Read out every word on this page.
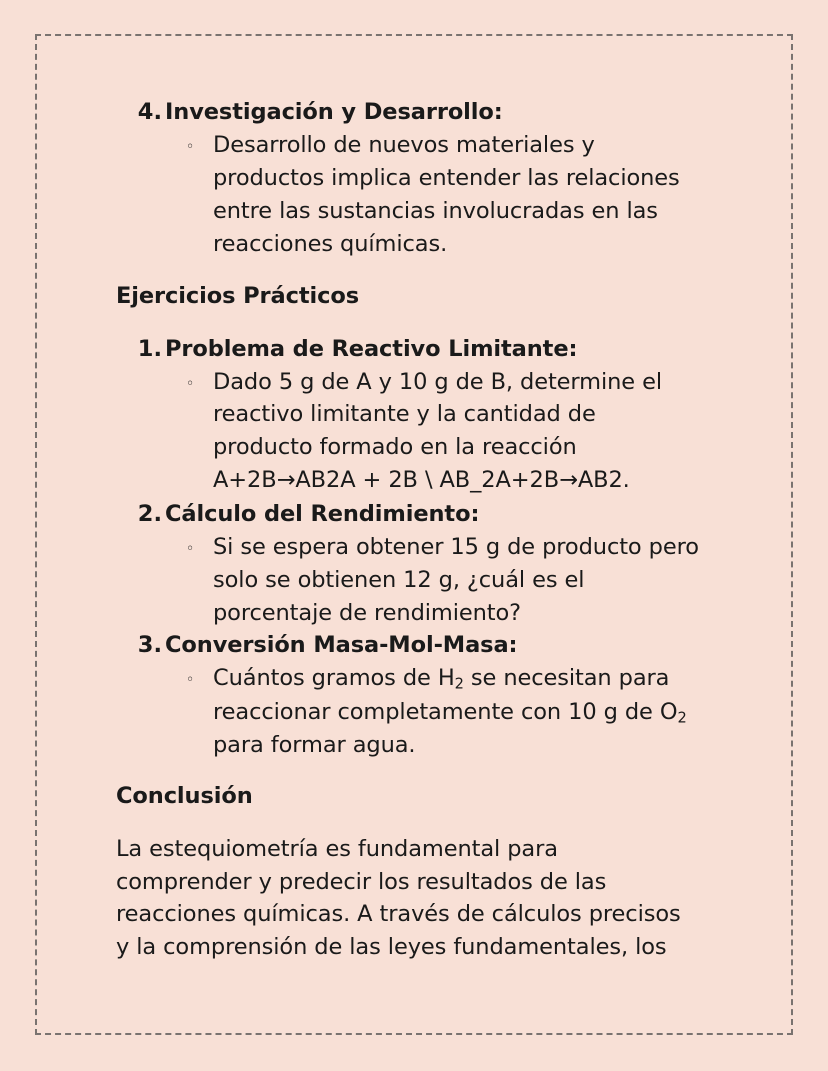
4. Investigación y Desarrollo:
◦ Desarrollo de nuevos materiales y
productos implica entender las relaciones
entre las sustancias involucradas en las
reacciones químicas.
Ejercicios Prácticos
1. Problema de Reactivo Limitante:
◦ Dado 5 g de A y 10 g de B, determine el
reactivo limitante y la cantidad de
producto formado en la reacción
A+2B→AB2A + 2B \ AB_2A+2B→AB2.
2. Cálculo del Rendimiento:
◦ Si se espera obtener 15 g de producto pero
solo se obtienen 12 g, ¿cuál es el
porcentaje de rendimiento?
3. Conversión Masa-Mol-Masa:
◦ Cuántos gramos de $H_2$ se necesitan para
reaccionar completamente con 10 g de $O_2$
para formar agua.
Conclusión
La estequiometría es fundamental para
comprender y predecir los resultados de las
reacciones químicas. A través de cálculos precisos
y la comprensión de las leyes fundamentales, los
